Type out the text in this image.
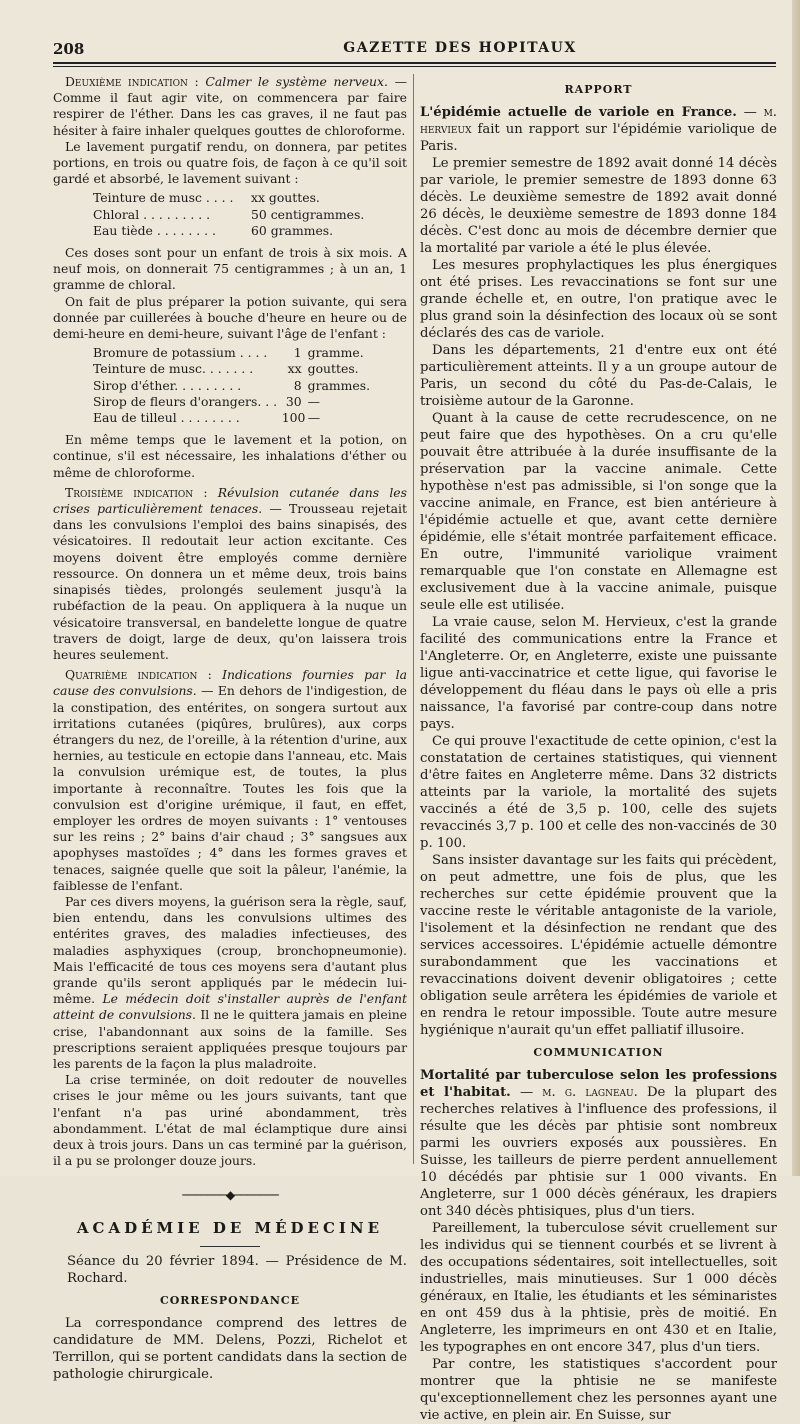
208	GAZETTE DES HOPITAUX

Deuxième indication : Calmer le système nerveux. — Comme il faut agir vite, on commencera par faire respirer de l'éther. Dans les cas graves, il ne faut pas hésiter à faire inhaler quelques gouttes de chloroforme.

Le lavement purgatif rendu, on donnera, par petites portions, en trois ou quatre fois, de façon à ce qu'il soit gardé et absorbé, le lavement suivant :

Teinture de musc . . . .	xx gouttes.
Chloral . . . . . . . . .	50 centigrammes.
Eau tiède . . . . . . . .	60 grammes.

Ces doses sont pour un enfant de trois à six mois. A neuf mois, on donnerait 75 centigrammes ; à un an, 1 gramme de chloral.

On fait de plus préparer la potion suivante, qui sera donnée par cuillerées à bouche d'heure en heure ou de demi-heure en demi-heure, suivant l'âge de l'enfant :

Bromure de potassium . . . .	1 gramme.
Teinture de musc. . . . . . .	xx gouttes.
Sirop d'éther. . . . . . . . .	8 grammes.
Sirop de fleurs d'orangers. . . 30 —
Eau de tilleul . . . . . . . .	100 —

En même temps que le lavement et la potion, on continue, s'il est nécessaire, les inhalations d'éther ou même de chloroforme.

Troisième indication : Révulsion cutanée dans les crises particulièrement tenaces. — Trousseau rejetait dans les convulsions l'emploi des bains sinapisés, des vésicatoires. Il redoutait leur action excitante. Ces moyens doivent être employés comme dernière ressource. On donnera un et même deux, trois bains sinapisés tièdes, prolongés seulement jusqu'à la rubéfaction de la peau. On appliquera à la nuque un vésicatoire transversal, en bandelette longue de quatre travers de doigt, large de deux, qu'on laissera trois heures seulement.

Quatrième indication : Indications fournies par la cause des convulsions. — En dehors de l'indigestion, de la constipation, des entérites, on songera surtout aux irritations cutanées (piqûres, brulûres), aux corps étrangers du nez, de l'oreille, à la rétention d'urine, aux hernies, au testicule en ectopie dans l'anneau, etc. Mais la convulsion urémique est, de toutes, la plus importante à reconnaître. Toutes les fois que la convulsion est d'origine urémique, il faut, en effet, employer les ordres de moyen suivants : 1° ventouses sur les reins ; 2° bains d'air chaud ; 3° sangsues aux apophyses mastoïdes ; 4° dans les formes graves et tenaces, saignée quelle que soit la pâleur, l'anémie, la faiblesse de l'enfant.

Par ces divers moyens, la guérison sera la règle, sauf, bien entendu, dans les convulsions ultimes des entérites graves, des maladies infectieuses, des maladies asphyxiques (croup, bronchopneumonie). Mais l'efficacité de tous ces moyens sera d'autant plus grande qu'ils seront appliqués par le médecin lui-même. Le médecin doit s'installer auprès de l'enfant atteint de convulsions. Il ne le quittera jamais en pleine crise, l'abandonnant aux soins de la famille. Ses prescriptions seraient appliquées presque toujours par les parents de la façon la plus maladroite.

La crise terminée, on doit redouter de nouvelles crises le jour même ou les jours suivants, tant que l'enfant n'a pas uriné abondamment, très abondamment. L'état de mal éclamptique dure ainsi deux à trois jours. Dans un cas terminé par la guérison, il a pu se prolonger douze jours.

───────◆───────
ACADÉMIE DE MÉDECINE

Séance du 20 février 1894. — Présidence de M. Rochard.

CORRESPONDANCE

La correspondance comprend des lettres de candidature de MM. Delens, Pozzi, Richelot et Terrillon, qui se portent candidats dans la section de pathologie chirurgicale.

RAPPORT

L'épidémie actuelle de variole en France. — m. hervieux fait un rapport sur l'épidémie variolique de Paris.

Le premier semestre de 1892 avait donné 14 décès par variole, le premier semestre de 1893 donne 63 décès. Le deuxième semestre de 1892 avait donné 26 décès, le deuxième semestre de 1893 donne 184 décès. C'est donc au mois de décembre dernier que la mortalité par variole a été le plus élevée.

Les mesures prophylactiques les plus énergiques ont été prises. Les revaccinations se font sur une grande échelle et, en outre, l'on pratique avec le plus grand soin la désinfection des locaux où se sont déclarés des cas de variole.

Dans les départements, 21 d'entre eux ont été particulièrement atteints. Il y a un groupe autour de Paris, un second du côté du Pas-de-Calais, le troisième autour de la Garonne.

Quant à la cause de cette recrudescence, on ne peut faire que des hypothèses. On a cru qu'elle pouvait être attribuée à la durée insuffisante de la préservation par la vaccine animale. Cette hypothèse n'est pas admissible, si l'on songe que la vaccine animale, en France, est bien antérieure à l'épidémie actuelle et que, avant cette dernière épidémie, elle s'était montrée parfaitement efficace. En outre, l'immunité variolique vraiment remarquable que l'on constate en Allemagne est exclusivement due à la vaccine animale, puisque seule elle est utilisée.

La vraie cause, selon M. Hervieux, c'est la grande facilité des communications entre la France et l'Angleterre. Or, en Angleterre, existe une puissante ligue anti-vaccinatrice et cette ligue, qui favorise le développement du fléau dans le pays où elle a pris naissance, l'a favorisé par contre-coup dans notre pays.

Ce qui prouve l'exactitude de cette opinion, c'est la constatation de certaines statistiques, qui viennent d'être faites en Angleterre même. Dans 32 districts atteints par la variole, la mortalité des sujets vaccinés a été de 3,5 p. 100, celle des sujets revaccinés 3,7 p. 100 et celle des non-vaccinés de 30 p. 100.

Sans insister davantage sur les faits qui précèdent, on peut admettre, une fois de plus, que les recherches sur cette épidémie prouvent que la vaccine reste le véritable antagoniste de la variole, l'isolement et la désinfection ne rendant que des services accessoires. L'épidémie actuelle démontre surabondamment que les vaccinations et revaccinations doivent devenir obligatoires ; cette obligation seule arrêtera les épidémies de variole et en rendra le retour impossible. Toute autre mesure hygiénique n'aurait qu'un effet palliatif illusoire.

COMMUNICATION

Mortalité par tuberculose selon les professions et l'habitat. — m. g. lagneau. De la plupart des recherches relatives à l'influence des professions, il résulte que les décès par phtisie sont nombreux parmi les ouvriers exposés aux poussières. En Suisse, les tailleurs de pierre perdent annuellement 10 décédés par phtisie sur 1 000 vivants. En Angleterre, sur 1 000 décès généraux, les drapiers ont 340 décès phtisiques, plus d'un tiers.

Pareillement, la tuberculose sévit cruellement sur les individus qui se tiennent courbés et se livrent à des occupations sédentaires, soit intellectuelles, soit industrielles, mais minutieuses. Sur 1 000 décès généraux, en Italie, les étudiants et les séminaristes en ont 459 dus à la phtisie, près de moitié. En Angleterre, les imprimeurs en ont 430 et en Italie, les typographes en ont encore 347, plus d'un tiers.

Par contre, les statistiques s'accordent pour montrer que la phtisie ne se manifeste qu'exceptionnellement chez les personnes ayant une vie active, en plein air. En Suisse, sur
